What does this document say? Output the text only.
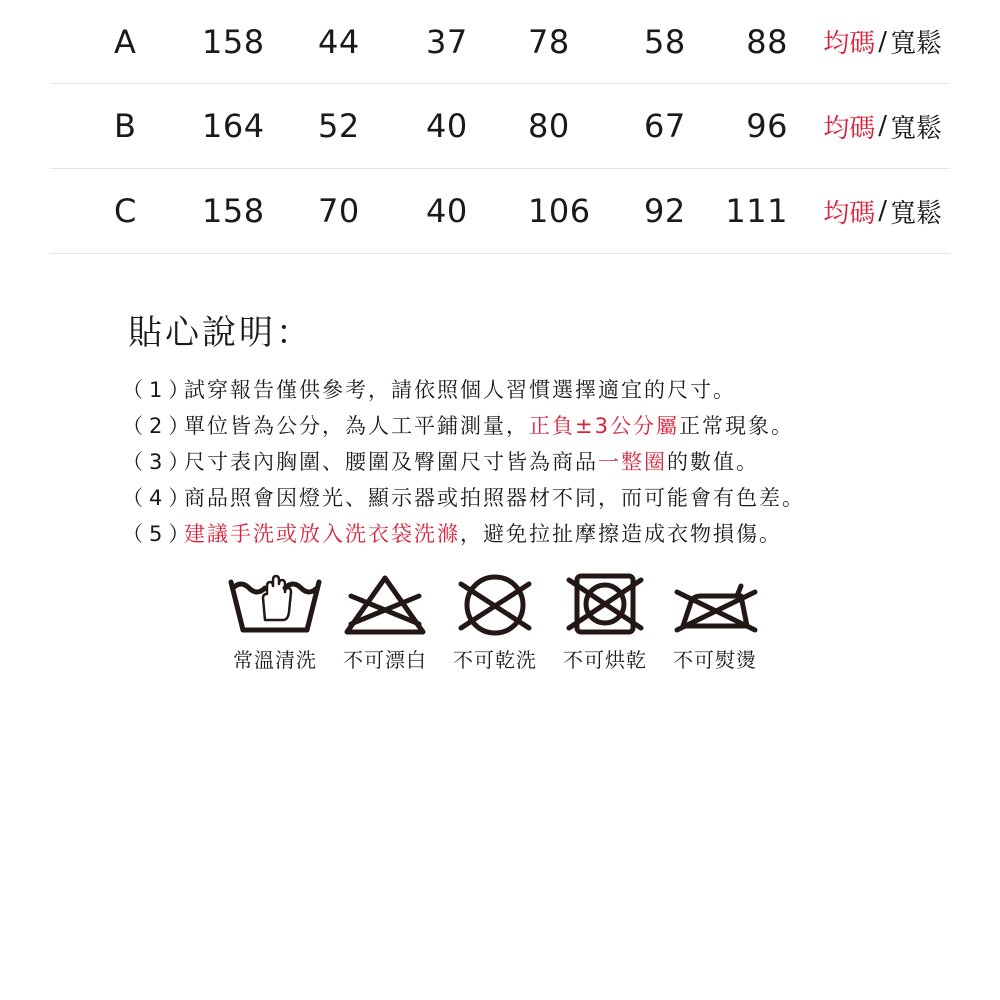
A 158 44 37 78 58 88 均碼 / 寬鬆
B 164 52 40 80 67 96 均碼 / 寬鬆
C 158 70 40 106 92 111 均碼 / 寬鬆
貼心說明：
（1）試穿報告僅供參考，請依照個人習慣選擇適宜的尺寸。
（2）單位皆為公分，為人工平鋪測量，正負±3公分屬正常現象。
（3）尺寸表內胸圍、腰圍及臀圍尺寸皆為商品一整圈的數值。
（4）商品照會因燈光、顯示器或拍照器材不同，而可能會有色差。
（5）建議手洗或放入洗衣袋洗滌，避免拉扯摩擦造成衣物損傷。
常溫清洗	不可漂白	不可乾洗	不可烘乾	不可熨燙
